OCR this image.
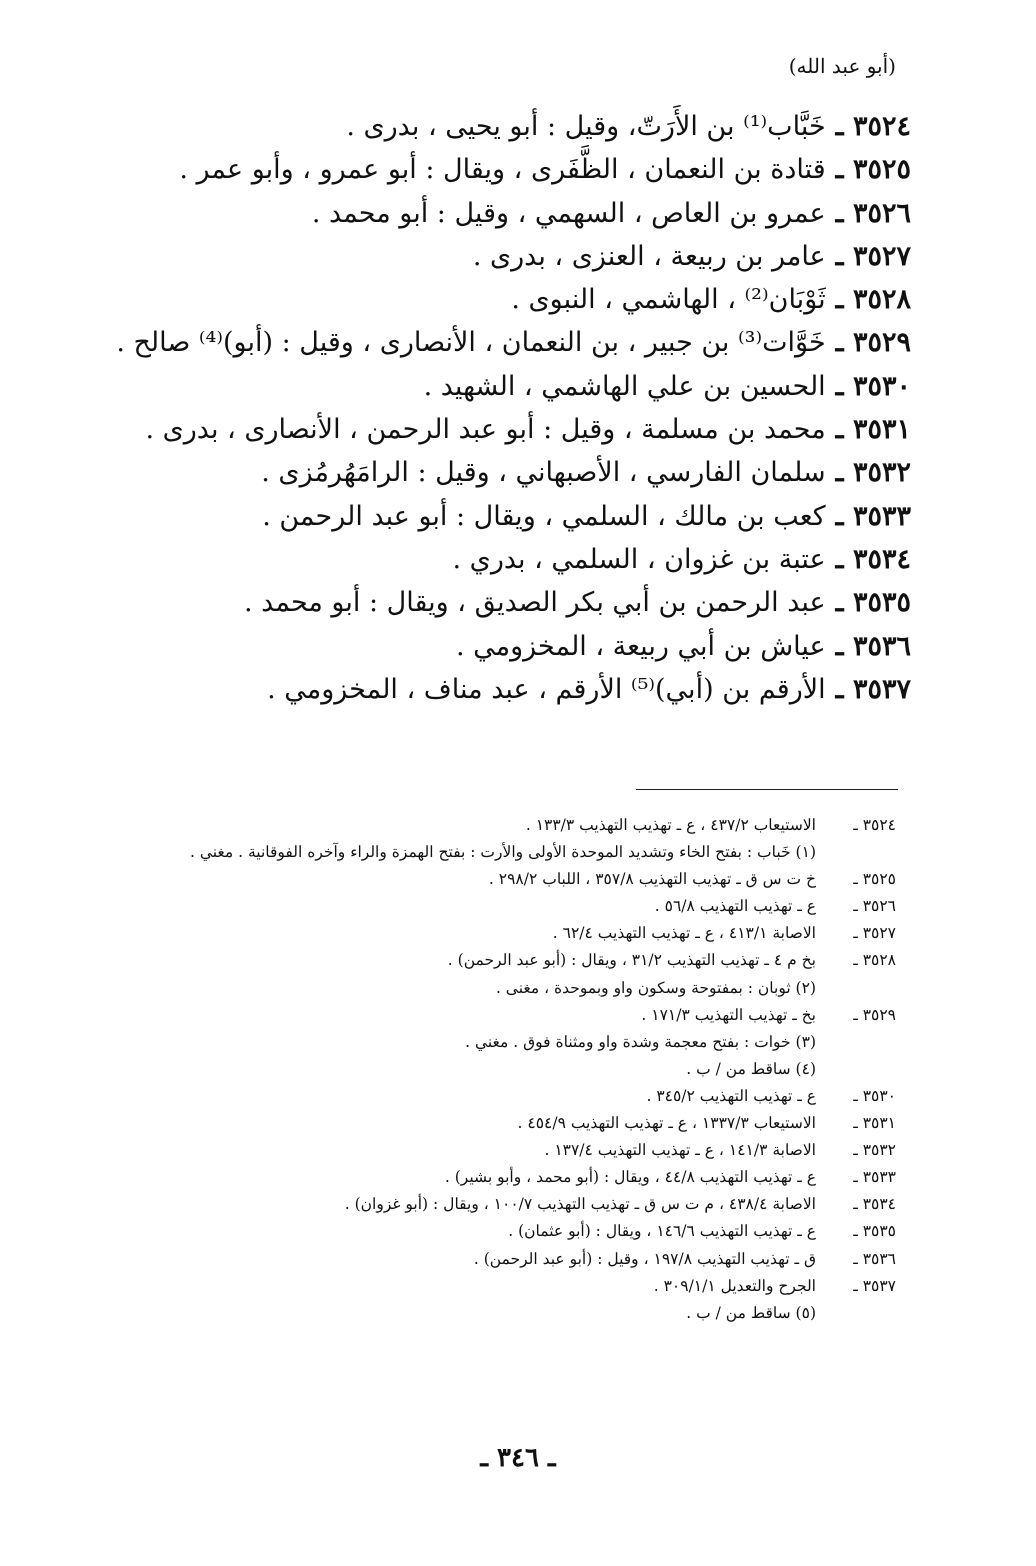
(أبو عبد الله)
٣٥٢٤ ـ
خَبَّاب⁽¹⁾ بن الأَرَتّ، وقيل : أبو يحيى ، بدرى .
٣٥٢٥ ـ
قتادة بن النعمان ، الظَّفَرى ، ويقال : أبو عمرو ، وأبو عمر .
٣٥٢٦ ـ
عمرو بن العاص ، السهمي ، وقيل : أبو محمد .
٣٥٢٧ ـ
عامر بن ربيعة ، العنزى ، بدرى .
٣٥٢٨ ـ
ثَوْبَان⁽²⁾ ، الهاشمي ، النبوى .
٣٥٢٩ ـ
خَوَّات⁽³⁾ بن جبير ، بن النعمان ، الأنصارى ، وقيل : (أبو)⁽⁴⁾ صالح .
٣٥٣٠ ـ
الحسين بن علي الهاشمي ، الشهيد .
٣٥٣١ ـ
محمد بن مسلمة ، وقيل : أبو عبد الرحمن ، الأنصارى ، بدرى .
٣٥٣٢ ـ
سلمان الفارسي ، الأصبهاني ، وقيل : الرامَهُرمُزى .
٣٥٣٣ ـ
كعب بن مالك ، السلمي ، ويقال : أبو عبد الرحمن .
٣٥٣٤ ـ
عتبة بن غزوان ، السلمي ، بدري .
٣٥٣٥ ـ
عبد الرحمن بن أبي بكر الصديق ، ويقال : أبو محمد .
٣٥٣٦ ـ
عياش بن أبي ربيعة ، المخزومي .
٣٥٣٧ ـ
الأرقم بن (أبي)⁽⁵⁾ الأرقم ، عبد مناف ، المخزومي .
٣٥٢٤ ـ
الاستيعاب ٤٣٧/٢ ، ع ـ تهذيب التهذيب ١٣٣/٣ .
(١) خَباب : بفتح الخاء وتشديد الموحدة الأولى والأرت : بفتح الهمزة والراء وآخره الفوقانية . مغني .
٣٥٢٥ ـ
خ ت س ق ـ تهذيب التهذيب ٣٥٧/٨ ، اللباب ٢٩٨/٢ .
٣٥٢٦ ـ
ع ـ تهذيب التهذيب ٥٦/٨ .
٣٥٢٧ ـ
الاصابة ٤١٣/١ ، ع ـ تهذيب التهذيب ٦٢/٤ .
٣٥٢٨ ـ
بخ م ٤ ـ تهذيب التهذيب ٣١/٢ ، ويقال : (أبو عبد الرحمن) .
(٢) ثوبان : بمفتوحة وسكون واو وبموحدة ، مغنى .
٣٥٢٩ ـ
بخ ـ تهذيب التهذيب ١٧١/٣ .
(٣) خوات : بفتح معجمة وشدة واو ومثناة فوق . مغني .
(٤) ساقط من / ب .
٣٥٣٠ ـ
ع ـ تهذيب التهذيب ٣٤٥/٢ .
٣٥٣١ ـ
الاستيعاب ١٣٣٧/٣ ، ع ـ تهذيب التهذيب ٤٥٤/٩ .
٣٥٣٢ ـ
الاصابة ١٤١/٣ ، ع ـ تهذيب التهذيب ١٣٧/٤ .
٣٥٣٣ ـ
ع ـ تهذيب التهذيب ٤٤/٨ ، ويقال : (أبو محمد ، وأبو بشير) .
٣٥٣٤ ـ
الاصابة ٤٣٨/٤ ، م ت س ق ـ تهذيب التهذيب ١٠٠/٧ ، ويقال : (أبو غزوان) .
٣٥٣٥ ـ
ع ـ تهذيب التهذيب ١٤٦/٦ ، ويقال : (أبو عثمان) .
٣٥٣٦ ـ
ق ـ تهذيب التهذيب ١٩٧/٨ ، وقيل : (أبو عبد الرحمن) .
٣٥٣٧ ـ
الجرح والتعديل ٣٠٩/١/١ .
(٥) ساقط من / ب .
ـ ٣٤٦ ـ
